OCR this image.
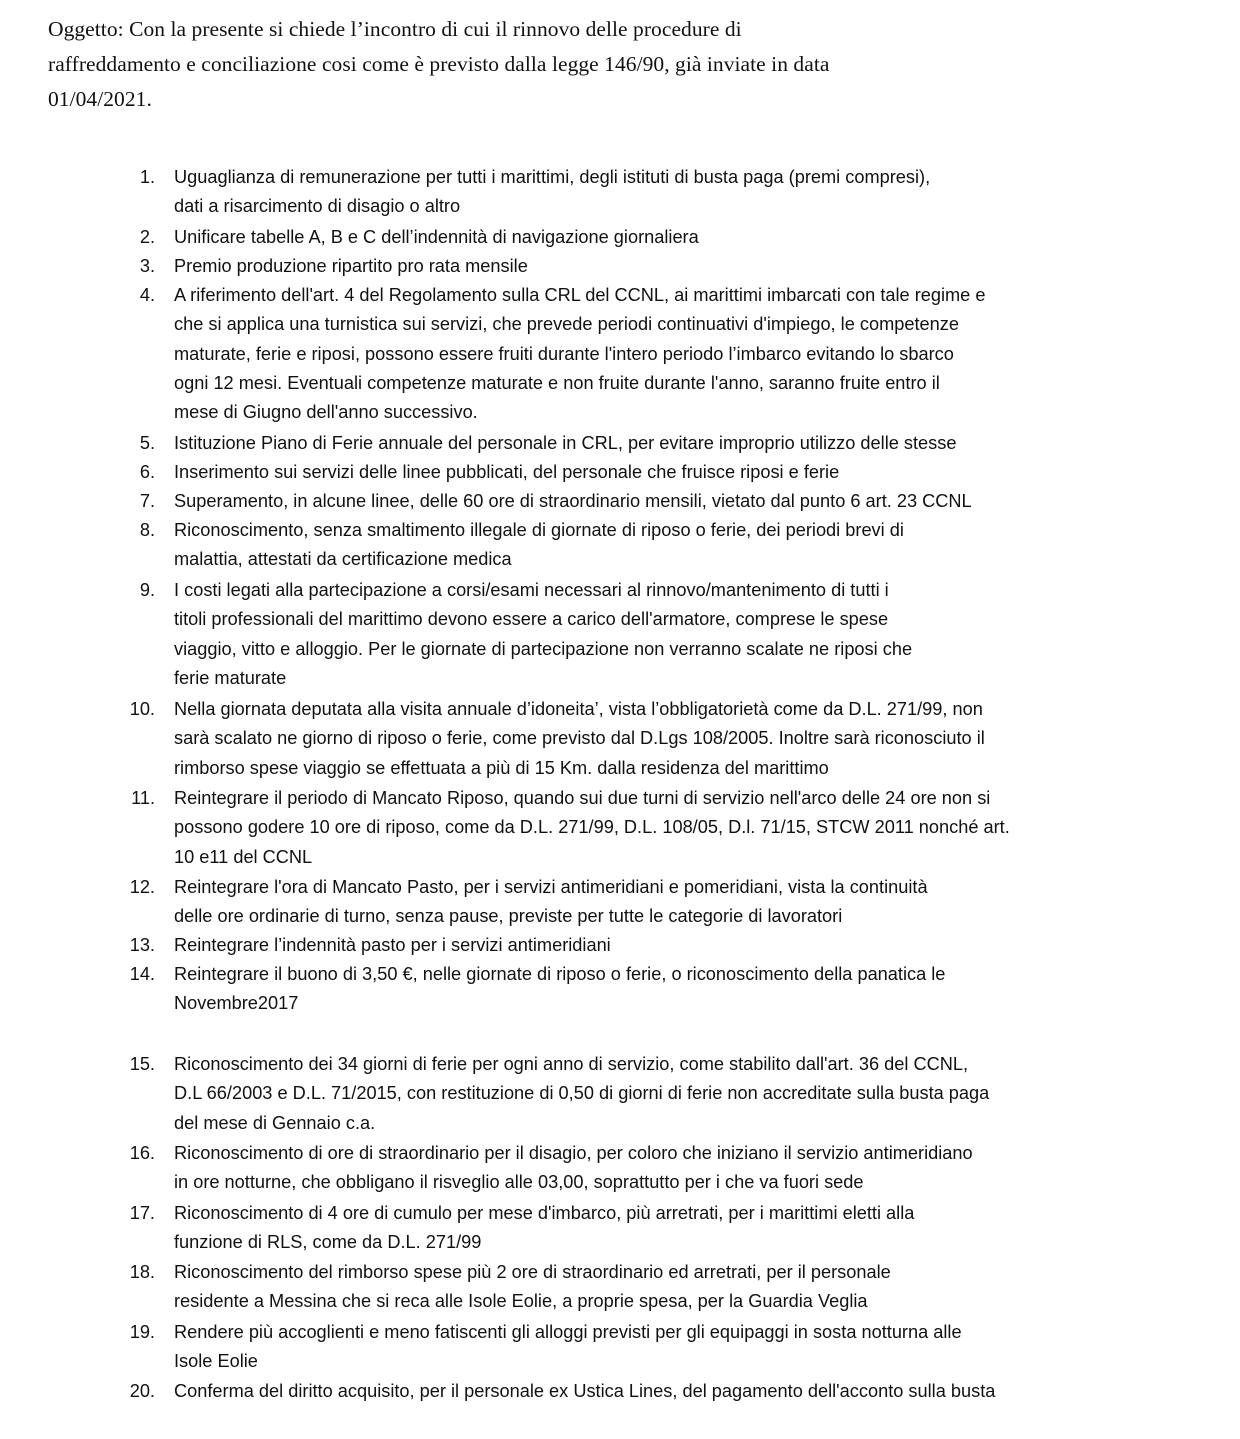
Oggetto: Con la presente si chiede l’incontro di cui il rinnovo delle procedure di
raffreddamento e conciliazione cosi come è previsto dalla legge 146/90, già inviate in data
01/04/2021.
1. Uguaglianza di remunerazione per tutti i marittimi, degli istituti di busta paga (premi compresi),
dati a risarcimento di disagio o altro
2. Unificare tabelle A, B e C dell’indennità di navigazione giornaliera
3. Premio produzione ripartito pro rata mensile
4. A riferimento dell'art. 4 del Regolamento sulla CRL del CCNL, ai marittimi imbarcati con tale regime e
che si applica una turnistica sui servizi, che prevede periodi continuativi d'impiego, le competenze
maturate, ferie e riposi, possono essere fruiti durante l'intero periodo l’imbarco evitando lo sbarco
ogni 12 mesi. Eventuali competenze maturate e non fruite durante l'anno, saranno fruite entro il
mese di Giugno dell'anno successivo.
5. Istituzione Piano di Ferie annuale del personale in CRL, per evitare improprio utilizzo delle stesse
6. Inserimento sui servizi delle linee pubblicati, del personale che fruisce riposi e ferie
7. Superamento, in alcune linee, delle 60 ore di straordinario mensili, vietato dal punto 6 art. 23 CCNL
8. Riconoscimento, senza smaltimento illegale di giornate di riposo o ferie, dei periodi brevi di
malattia, attestati da certificazione medica
9. I costi legati alla partecipazione a corsi/esami necessari al rinnovo/mantenimento di tutti i
titoli professionali del marittimo devono essere a carico dell'armatore, comprese le spese
viaggio, vitto e alloggio. Per le giornate di partecipazione non verranno scalate ne riposi che
ferie maturate
10. Nella giornata deputata alla visita annuale d’idoneita’, vista l’obbligatorietà come da D.L. 271/99, non
sarà scalato ne giorno di riposo o ferie, come previsto dal D.Lgs 108/2005. Inoltre sarà riconosciuto il
rimborso spese viaggio se effettuata a più di 15 Km. dalla residenza del marittimo
11. Reintegrare il periodo di Mancato Riposo, quando sui due turni di servizio nell'arco delle 24 ore non si
possono godere 10 ore di riposo, come da D.L. 271/99, D.L. 108/05, D.l. 71/15, STCW 2011 nonché art.
10 e11 del CCNL
12. Reintegrare l'ora di Mancato Pasto, per i servizi antimeridiani e pomeridiani, vista la continuità
delle ore ordinarie di turno, senza pause, previste per tutte le categorie di lavoratori
13. Reintegrare l’indennità pasto per i servizi antimeridiani
14. Reintegrare il buono di 3,50 €, nelle giornate di riposo o ferie, o riconoscimento della panatica le
Novembre2017
15. Riconoscimento dei 34 giorni di ferie per ogni anno di servizio, come stabilito dall'art. 36 del CCNL,
D.L 66/2003 e D.L. 71/2015, con restituzione di 0,50 di giorni di ferie non accreditate sulla busta paga
del mese di Gennaio c.a.
16. Riconoscimento di ore di straordinario per il disagio, per coloro che iniziano il servizio antimeridiano
in ore notturne, che obbligano il risveglio alle 03,00, soprattutto per i che va fuori sede
17. Riconoscimento di 4 ore di cumulo per mese d'imbarco, più arretrati, per i marittimi eletti alla
funzione di RLS, come da D.L. 271/99
18. Riconoscimento del rimborso spese più 2 ore di straordinario ed arretrati, per il personale
residente a Messina che si reca alle Isole Eolie, a proprie spesa, per la Guardia Veglia
19. Rendere più accoglienti e meno fatiscenti gli alloggi previsti per gli equipaggi in sosta notturna alle
Isole Eolie
20. Conferma del diritto acquisito, per il personale ex Ustica Lines, del pagamento dell'acconto sulla busta
